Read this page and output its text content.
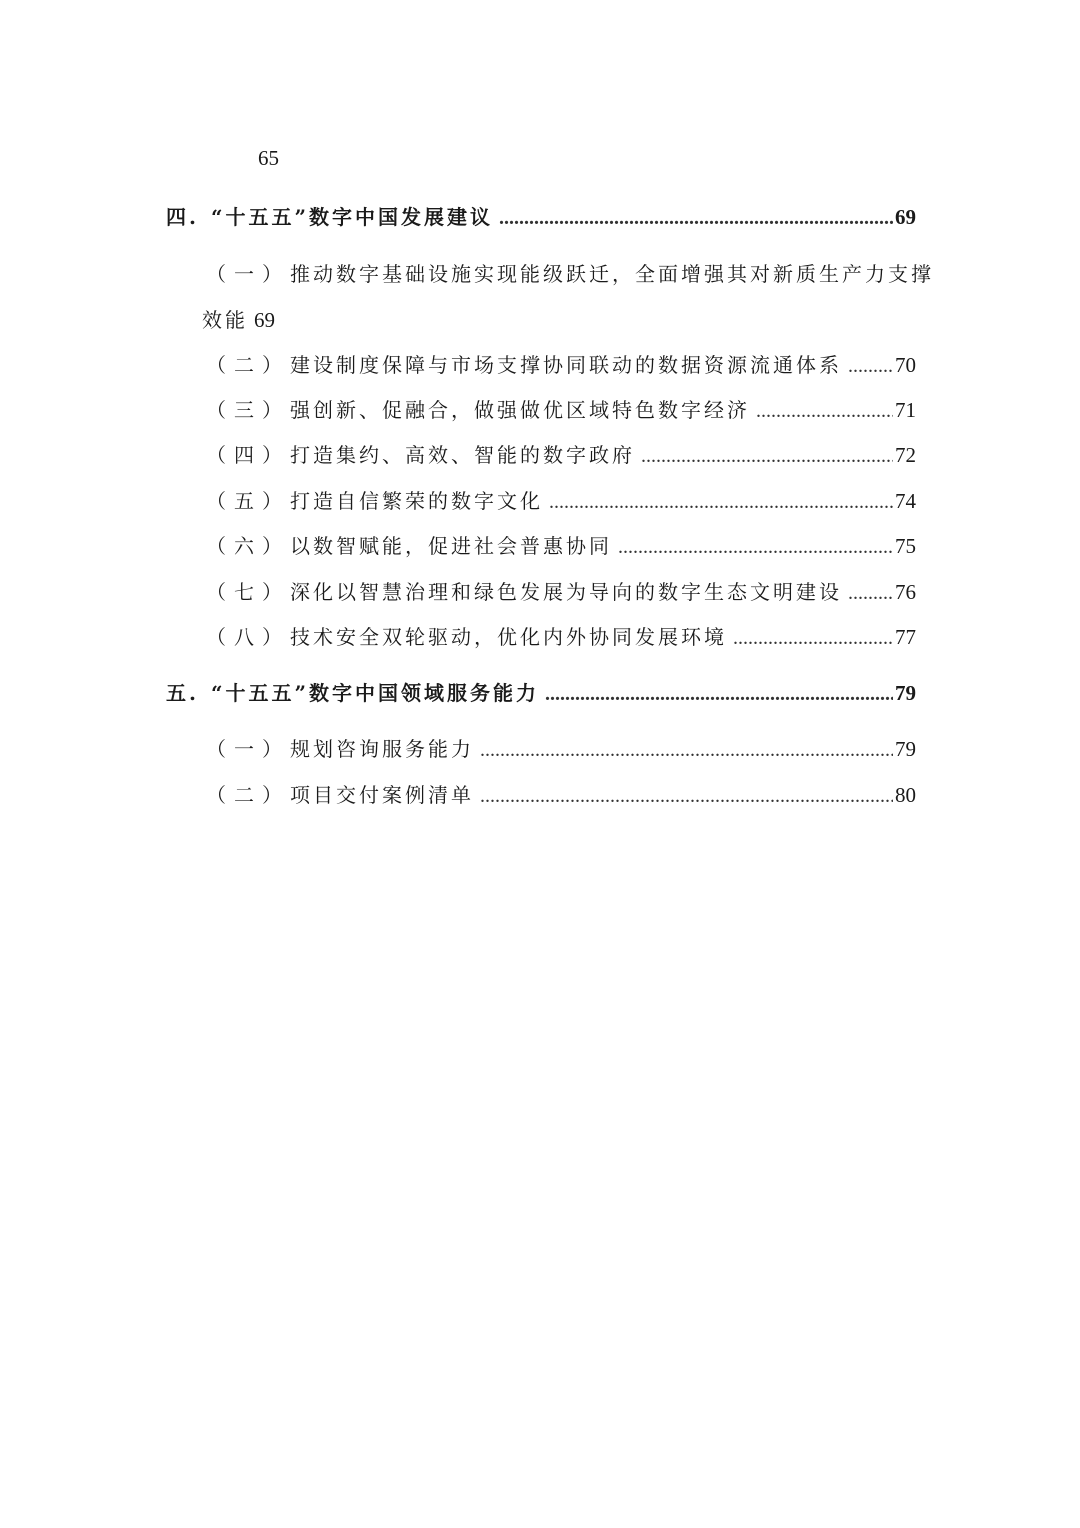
65
四. “十五五”数字中国发展建议 .....	69
（一） 推动数字基础设施实现能级跃迁，全面增强其对新质生产力支撑
效能 69
（二） 建设制度保障与市场支撑协同联动的数据资源流通体系 .....	70
（三） 强创新、促融合，做强做优区域特色数字经济 .....	71
（四） 打造集约、高效、智能的数字政府 .....	72
（五） 打造自信繁荣的数字文化 .....	74
（六） 以数智赋能，促进社会普惠协同 .....	75
（七） 深化以智慧治理和绿色发展为导向的数字生态文明建设 .....	76
（八） 技术安全双轮驱动，优化内外协同发展环境 .....	77
五. “十五五”数字中国领域服务能力 .....	79
（一） 规划咨询服务能力 .....	79
（二） 项目交付案例清单 .....	80
